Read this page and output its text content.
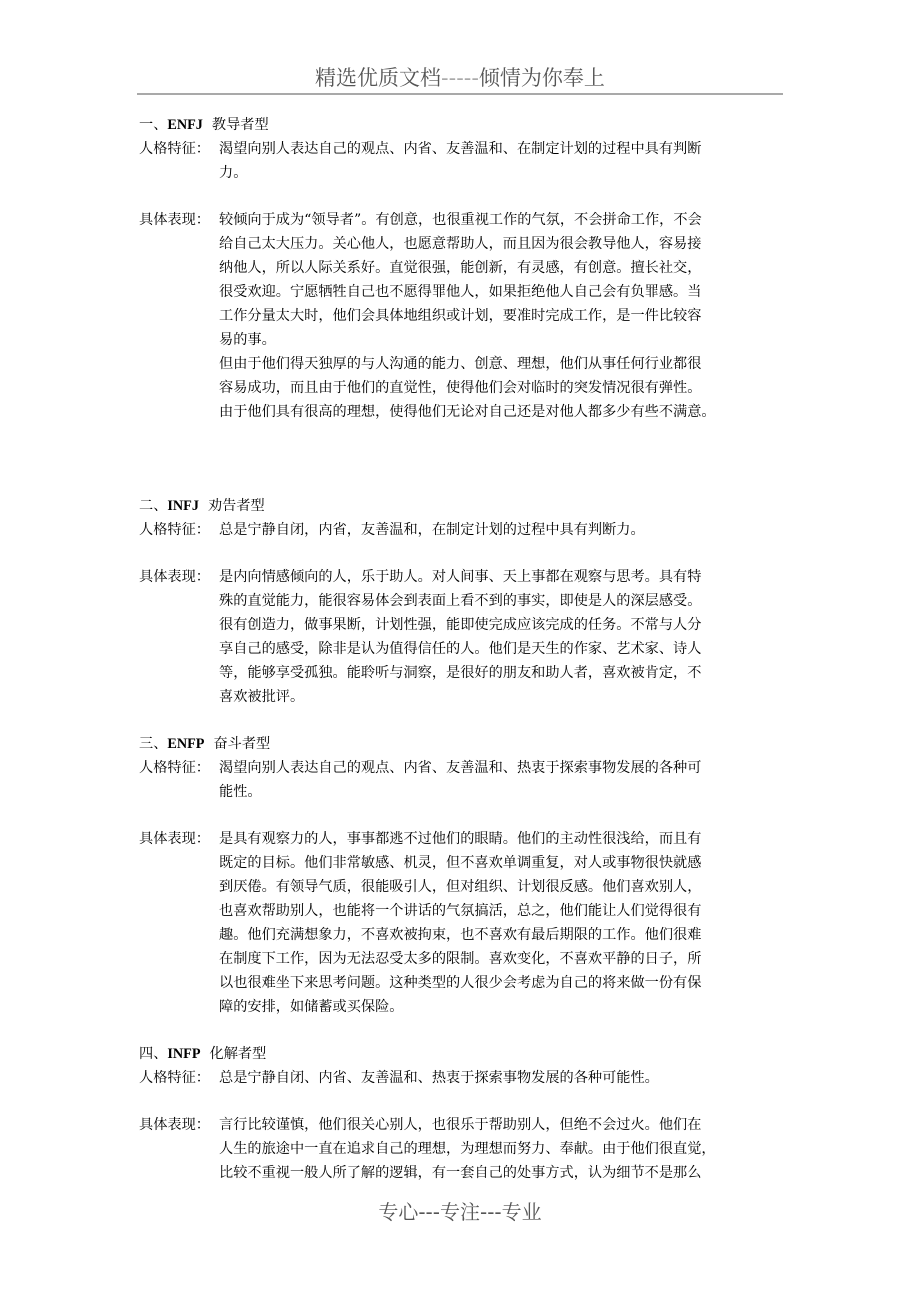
精选优质文档-----倾情为你奉上
一、ENFJ 教导者型
人格特征： 渴望向别人表达自己的观点、内省、友善温和、在制定计划的过程中具有判断
力。
具体表现： 较倾向于成为“领导者”。有创意，也很重视工作的气氛，不会拼命工作，不会
给自己太大压力。关心他人，也愿意帮助人，而且因为很会教导他人，容易接
纳他人，所以人际关系好。直觉很强，能创新，有灵感，有创意。擅长社交，
很受欢迎。宁愿牺牲自己也不愿得罪他人，如果拒绝他人自己会有负罪感。当
工作分量太大时，他们会具体地组织或计划，要准时完成工作，是一件比较容
易的事。
但由于他们得天独厚的与人沟通的能力、创意、理想，他们从事任何行业都很
容易成功，而且由于他们的直觉性，使得他们会对临时的突发情况很有弹性。
由于他们具有很高的理想，使得他们无论对自己还是对他人都多少有些不满意。
二、INFJ 劝告者型
人格特征： 总是宁静自闭，内省，友善温和，在制定计划的过程中具有判断力。
具体表现： 是内向情感倾向的人，乐于助人。对人间事、天上事都在观察与思考。具有特
殊的直觉能力，能很容易体会到表面上看不到的事实，即使是人的深层感受。
很有创造力，做事果断，计划性强，能即使完成应该完成的任务。不常与人分
享自己的感受，除非是认为值得信任的人。他们是天生的作家、艺术家、诗人
等，能够享受孤独。能聆听与洞察，是很好的朋友和助人者，喜欢被肯定，不
喜欢被批评。
三、ENFP 奋斗者型
人格特征： 渴望向别人表达自己的观点、内省、友善温和、热衷于探索事物发展的各种可
能性。
具体表现： 是具有观察力的人，事事都逃不过他们的眼睛。他们的主动性很浅给，而且有
既定的目标。他们非常敏感、机灵，但不喜欢单调重复，对人或事物很快就感
到厌倦。有领导气质，很能吸引人，但对组织、计划很反感。他们喜欢别人，
也喜欢帮助别人，也能将一个讲话的气氛搞活，总之，他们能让人们觉得很有
趣。他们充满想象力，不喜欢被拘束，也不喜欢有最后期限的工作。他们很难
在制度下工作，因为无法忍受太多的限制。喜欢变化，不喜欢平静的日子，所
以也很难坐下来思考问题。这种类型的人很少会考虑为自己的将来做一份有保
障的安排，如储蓄或买保险。
四、INFP 化解者型
人格特征： 总是宁静自闭、内省、友善温和、热衷于探索事物发展的各种可能性。
具体表现： 言行比较谨慎，他们很关心别人，也很乐于帮助别人，但绝不会过火。他们在
人生的旅途中一直在追求自己的理想，为理想而努力、奉献。由于他们很直觉，
比较不重视一般人所了解的逻辑，有一套自己的处事方式，认为细节不是那么
专心---专注---专业
